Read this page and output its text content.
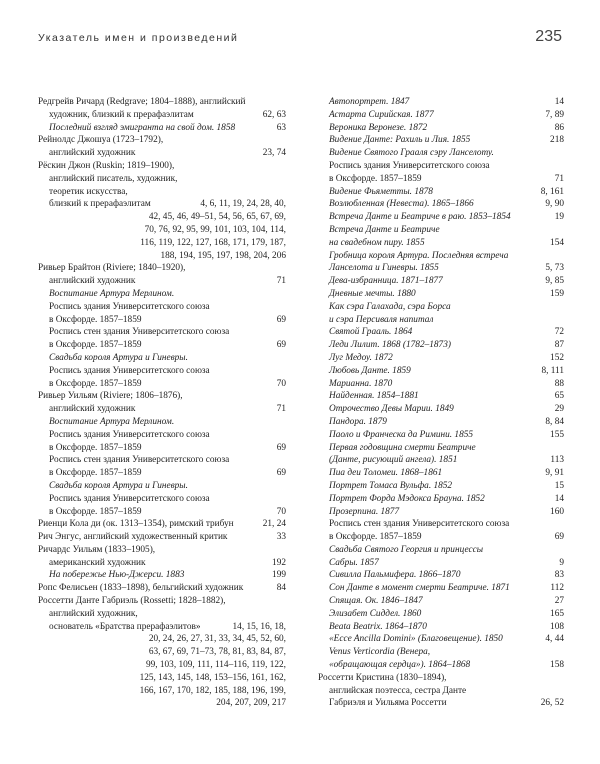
Указатель имен и произведений	235
Редгрейв Ричард (Redgrave; 1804–1888), английский
художник, близкий к прерафаэлитам	62, 63
Последний взгляд эмигранта на свой дом. 1858	63
Рейнолдс Джошуа (1723–1792),
английский художник	23, 74
Рёскин Джон (Ruskin; 1819–1900),
английский писатель, художник,
теоретик искусства,
близкий к прерафаэлитам	4, 6, 11, 19, 24, 28, 40,
42, 45, 46, 49–51, 54, 56, 65, 67, 69,
70, 76, 92, 95, 99, 101, 103, 104, 114,
116, 119, 122, 127, 168, 171, 179, 187,
188, 194, 195, 197, 198, 204, 206
Ривьер Брайтон (Riviere; 1840–1920),
английский художник	71
Воспитание Артура Мерлином.
Роспись здания Университетского союза
в Оксфорде. 1857–1859	69
Роспись стен здания Университетского союза
в Оксфорде. 1857–1859	69
Свадьба короля Артура и Гиневры.
Роспись здания Университетского союза
в Оксфорде. 1857–1859	70
Ривьер Уильям (Riviere; 1806–1876),
английский художник	71
Воспитание Артура Мерлином.
Роспись здания Университетского союза
в Оксфорде. 1857–1859	69
Роспись стен здания Университетского союза
в Оксфорде. 1857–1859	69
Свадьба короля Артура и Гиневры.
Роспись здания Университетского союза
в Оксфорде. 1857–1859	70
Риенци Кола ди (ок. 1313–1354), римский трибун	21, 24
Рич Энгус, английский художественный критик	33
Ричардс Уильям (1833–1905),
американский художник	192
На побережье Нью-Джерси. 1883	199
Ропс Фелисьен (1833–1898), бельгийский художник	84
Россетти Данте Габриэль (Rossetti; 1828–1882),
английский художник,
основатель «Братства прерафаэлитов»	14, 15, 16, 18,
20, 24, 26, 27, 31, 33, 34, 45, 52, 60,
63, 67, 69, 71–73, 78, 81, 83, 84, 87,
99, 103, 109, 111, 114–116, 119, 122,
125, 143, 145, 148, 153–156, 161, 162,
166, 167, 170, 182, 185, 188, 196, 199,
204, 207, 209, 217
Автопортрет. 1847	14
Астарта Сирийская. 1877	7, 89
Вероника Веронезе. 1872	86
Видение Данте: Рахиль и Лия. 1855	218
Видение Святого Грааля сэру Ланселоту.
Роспись здания Университетского союза
в Оксфорде. 1857–1859	71
Видение Фьяметты. 1878	8, 161
Возлюбленная (Невеста). 1865–1866	9, 90
Встреча Данте и Беатриче в раю. 1853–1854	19
Встреча Данте и Беатриче
на свадебном пиру. 1855	154
Гробница короля Артура. Последняя встреча
Ланселота и Гиневры. 1855	5, 73
Дева-избранница. 1871–1877	9, 85
Дневные мечты. 1880	159
Как сэра Галахада, сэра Борса
и сэра Персиваля напитал
Святой Грааль. 1864	72
Леди Лилит. 1868 (1782–1873)	87
Луг Медоу. 1872	152
Любовь Данте. 1859	8, 111
Марианна. 1870	88
Найденная. 1854–1881	65
Отрочество Девы Марии. 1849	29
Пандора. 1879	8, 84
Паоло и Франческа да Римини. 1855	155
Первая годовщина смерти Беатриче
(Данте, рисующий ангела). 1851	113
Пиа деи Толомеи. 1868–1861	9, 91
Портрет Томаса Вульфа. 1852	15
Портрет Форда Мэдокса Брауна. 1852	14
Прозерпина. 1877	160
Роспись стен здания Университетского союза
в Оксфорде. 1857–1859	69
Свадьба Святого Георгия и принцессы
Сабры. 1857	9
Сивилла Пальмифера. 1866–1870	83
Сон Данте в момент смерти Беатриче. 1871	112
Спящая. Ок. 1846–1847	27
Элизабет Сиддел. 1860	165
Beata Beatrix. 1864–1870	108
«Ecce Ancilla Domini» (Благовещение). 1850	4, 44
Venus Verticordia (Венера,
«обращающая сердца»). 1864–1868	158
Россетти Кристина (1830–1894),
английская поэтесса, сестра Данте
Габриэля и Уильяма Россетти	26, 52
